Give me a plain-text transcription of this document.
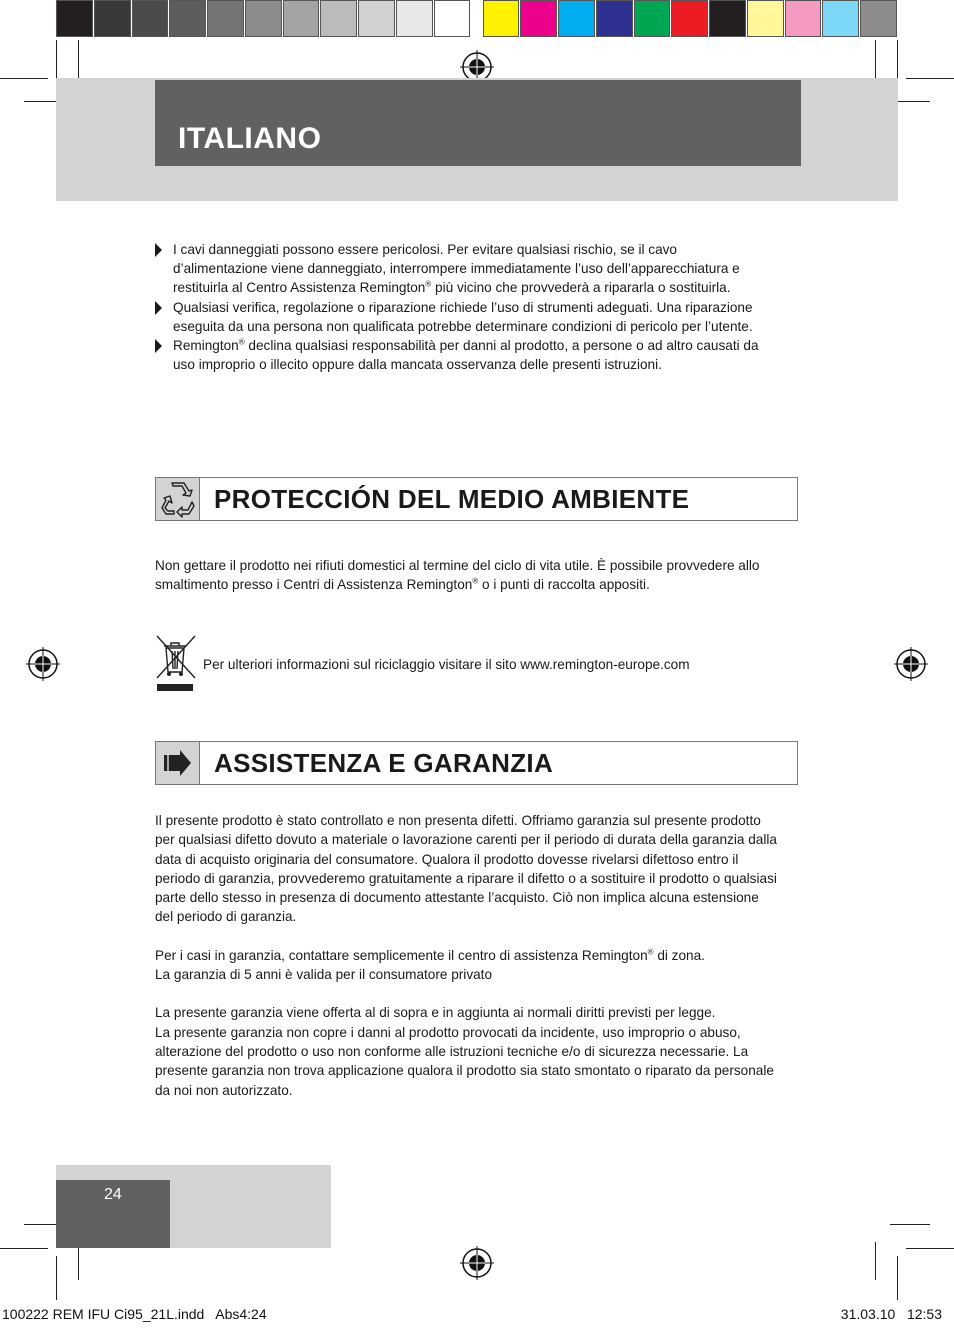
ITALIANO
I cavi danneggiati possono essere pericolosi. Per evitare qualsiasi rischio, se il cavo d’alimentazione viene danneggiato, interrompere immediatamente l’uso dell’apparecchiatura e restituirla al Centro Assistenza Remington® più vicino che provvederà a ripararla o sostituirla.
Qualsiasi verifica, regolazione o riparazione richiede l’uso di strumenti adeguati. Una riparazione eseguita da una persona non qualificata potrebbe determinare condizioni di pericolo per l’utente.
Remington® declina qualsiasi responsabilità per danni al prodotto, a persone o ad altro causati da uso improprio o illecito oppure dalla mancata osservanza delle presenti istruzioni.
PROTECCIÓN DEL MEDIO AMBIENTE

Non gettare il prodotto nei rifiuti domestici al termine del ciclo di vita utile. È possibile provvedere allo smaltimento presso i Centri di Assistenza Remington® o i punti di raccolta appositi.

Per ulteriori informazioni sul riciclaggio visitare il sito www.remington-europe.com
ASSISTENZA E GARANZIA

Il presente prodotto è stato controllato e non presenta difetti. Offriamo garanzia sul presente prodotto per qualsiasi difetto dovuto a materiale o lavorazione carenti per il periodo di durata della garanzia dalla data di acquisto originaria del consumatore. Qualora il prodotto dovesse rivelarsi difettoso entro il periodo di garanzia, provvederemo gratuitamente a riparare il difetto o a sostituire il prodotto o qualsiasi parte dello stesso in presenza di documento attestante l’acquisto. Ciò non implica alcuna estensione del periodo di garanzia.

Per i casi in garanzia, contattare semplicemente il centro di assistenza Remington® di zona.

La garanzia di 5 anni è valida per il consumatore privato

La presente garanzia viene offerta al di sopra e in aggiunta ai normali diritti previsti per legge.

La presente garanzia non copre i danni al prodotto provocati da incidente, uso improprio o abuso, alterazione del prodotto o uso non conforme alle istruzioni tecniche e/o di sicurezza necessarie. La presente garanzia non trova applicazione qualora il prodotto sia stato smontato o riparato da personale da noi non autorizzato.

24
100222 REM IFU Ci95_21L.indd   Abs4:24	31.03.10   12:53
